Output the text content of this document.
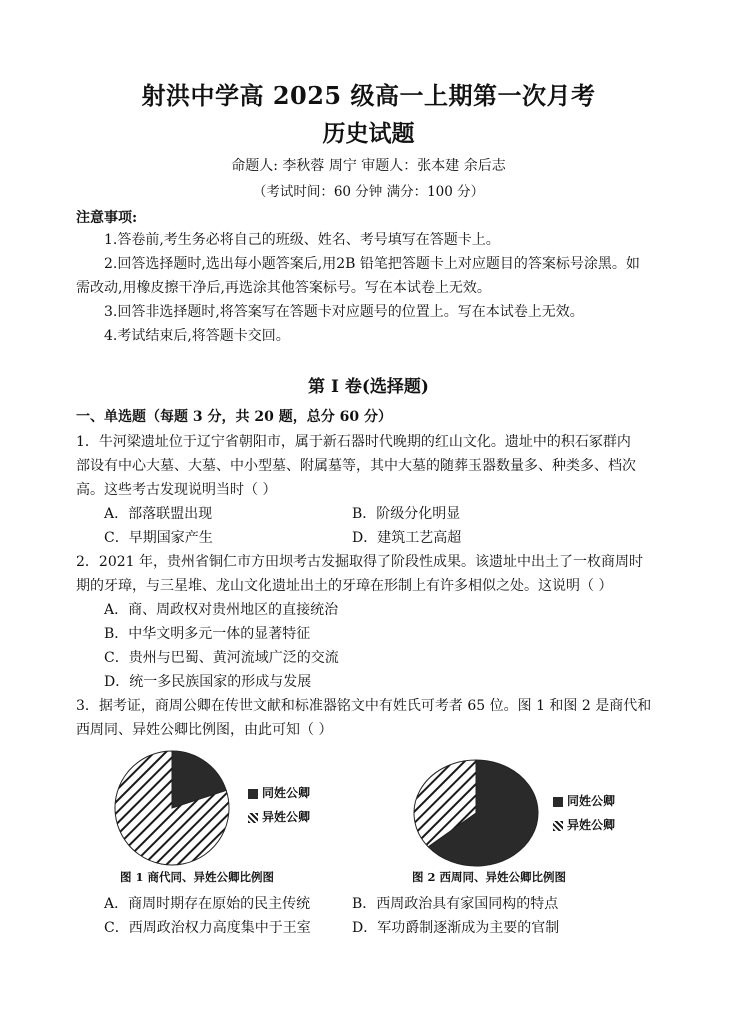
射洪中学高 2025 级高一上期第一次月考
历史试题
命题人: 李秋蓉 周宁 审题人：张本建 余后志
（考试时间：60 分钟 满分：100 分）
注意事项:
1.答卷前,考生务必将自己的班级、姓名、考号填写在答题卡上。
2.回答选择题时,选出每小题答案后,用2B 铅笔把答题卡上对应题目的答案标号涂黑。如
需改动,用橡皮擦干净后,再选涂其他答案标号。写在本试卷上无效。
3.回答非选择题时,将答案写在答题卡对应题号的位置上。写在本试卷上无效。
4.考试结束后,将答题卡交回。
第 I 卷(选择题)
一、单选题（每题 3 分，共 20 题，总分 60 分）
1．牛河梁遗址位于辽宁省朝阳市，属于新石器时代晚期的红山文化。遗址中的积石冢群内
部设有中心大墓、大墓、中小型墓、附属墓等，其中大墓的随葬玉器数量多、种类多、档次
高。这些考古发现说明当时（ ）
A．部落联盟出现	B．阶级分化明显
C．早期国家产生	D．建筑工艺高超
2．2021 年，贵州省铜仁市方田坝考古发掘取得了阶段性成果。该遗址中出土了一枚商周时
期的牙璋，与三星堆、龙山文化遗址出土的牙璋在形制上有许多相似之处。这说明（ ）
A．商、周政权对贵州地区的直接统治
B．中华文明多元一体的显著特征
C．贵州与巴蜀、黄河流域广泛的交流
D．统一多民族国家的形成与发展
3．据考证，商周公卿在传世文献和标准器铭文中有姓氏可考者 65 位。图 1 和图 2 是商代和
西周同、异姓公卿比例图，由此可知（ ）
同姓公卿
异姓公卿
图 1 商代同、异姓公卿比例图
同姓公卿
异姓公卿
图 2 西周同、异姓公卿比例图
A．商周时期存在原始的民主传统	B．西周政治具有家国同构的特点
C．西周政治权力高度集中于王室	D．军功爵制逐渐成为主要的官制
